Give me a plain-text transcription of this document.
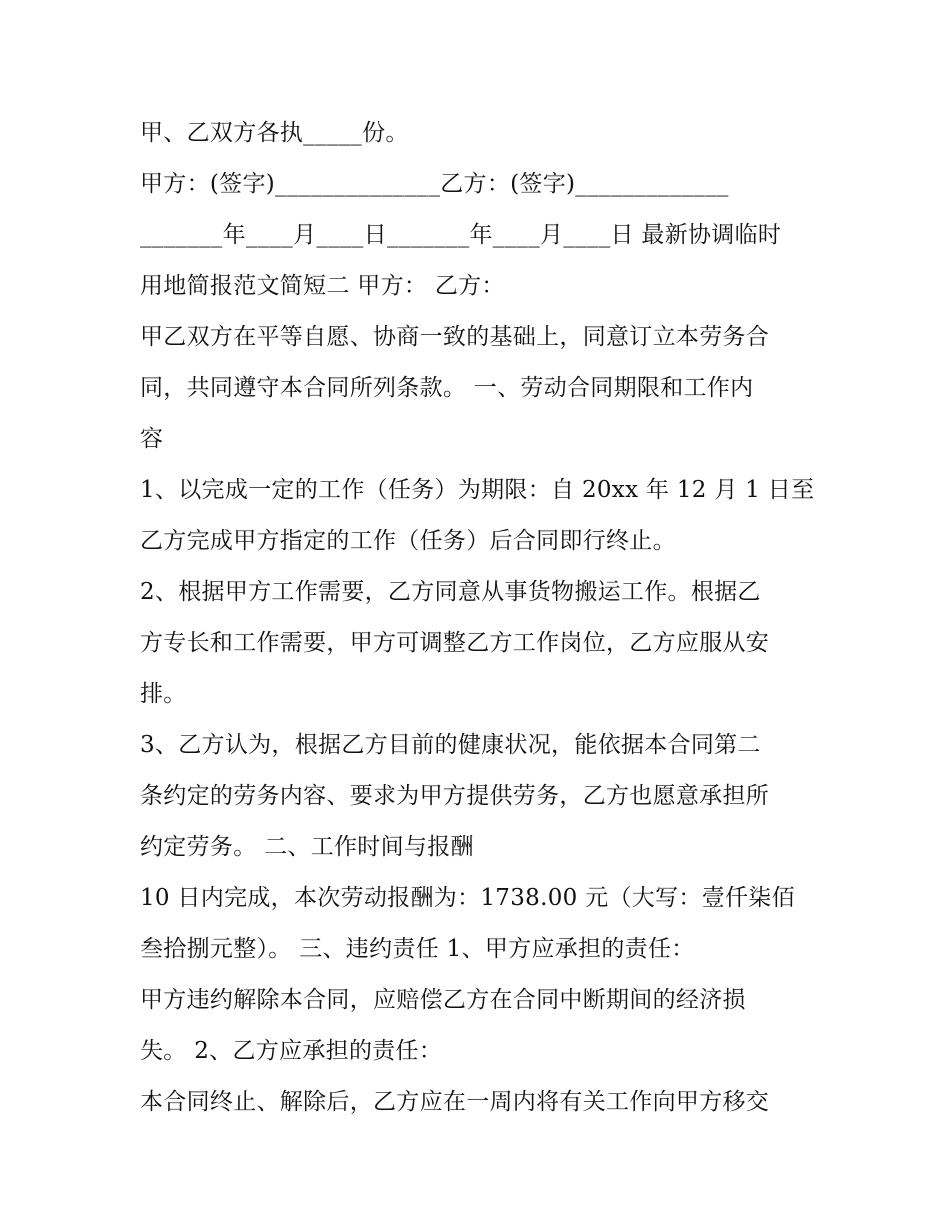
甲、乙双方各执_____份。
甲方：(签字)______________乙方：(签字)_____________
_______年____月____日_______年____月____日 最新协调临时
用地简报范文简短二 甲方： 乙方：
甲乙双方在平等自愿、协商一致的基础上，同意订立本劳务合
同，共同遵守本合同所列条款。 一、劳动合同期限和工作内
容
1、以完成一定的工作（任务）为期限：自 20xx 年 12 月 1 日至
乙方完成甲方指定的工作（任务）后合同即行终止。
2、根据甲方工作需要，乙方同意从事货物搬运工作。根据乙
方专长和工作需要，甲方可调整乙方工作岗位，乙方应服从安
排。
3、乙方认为，根据乙方目前的健康状况，能依据本合同第二
条约定的劳务内容、要求为甲方提供劳务，乙方也愿意承担所
约定劳务。 二、工作时间与报酬
10 日内完成，本次劳动报酬为：1738.00 元（大写：壹仟柒佰
叁拾捌元整）。 三、违约责任 1、甲方应承担的责任：
甲方违约解除本合同，应赔偿乙方在合同中断期间的经济损
失。 2、乙方应承担的责任：
本合同终止、解除后，乙方应在一周内将有关工作向甲方移交
